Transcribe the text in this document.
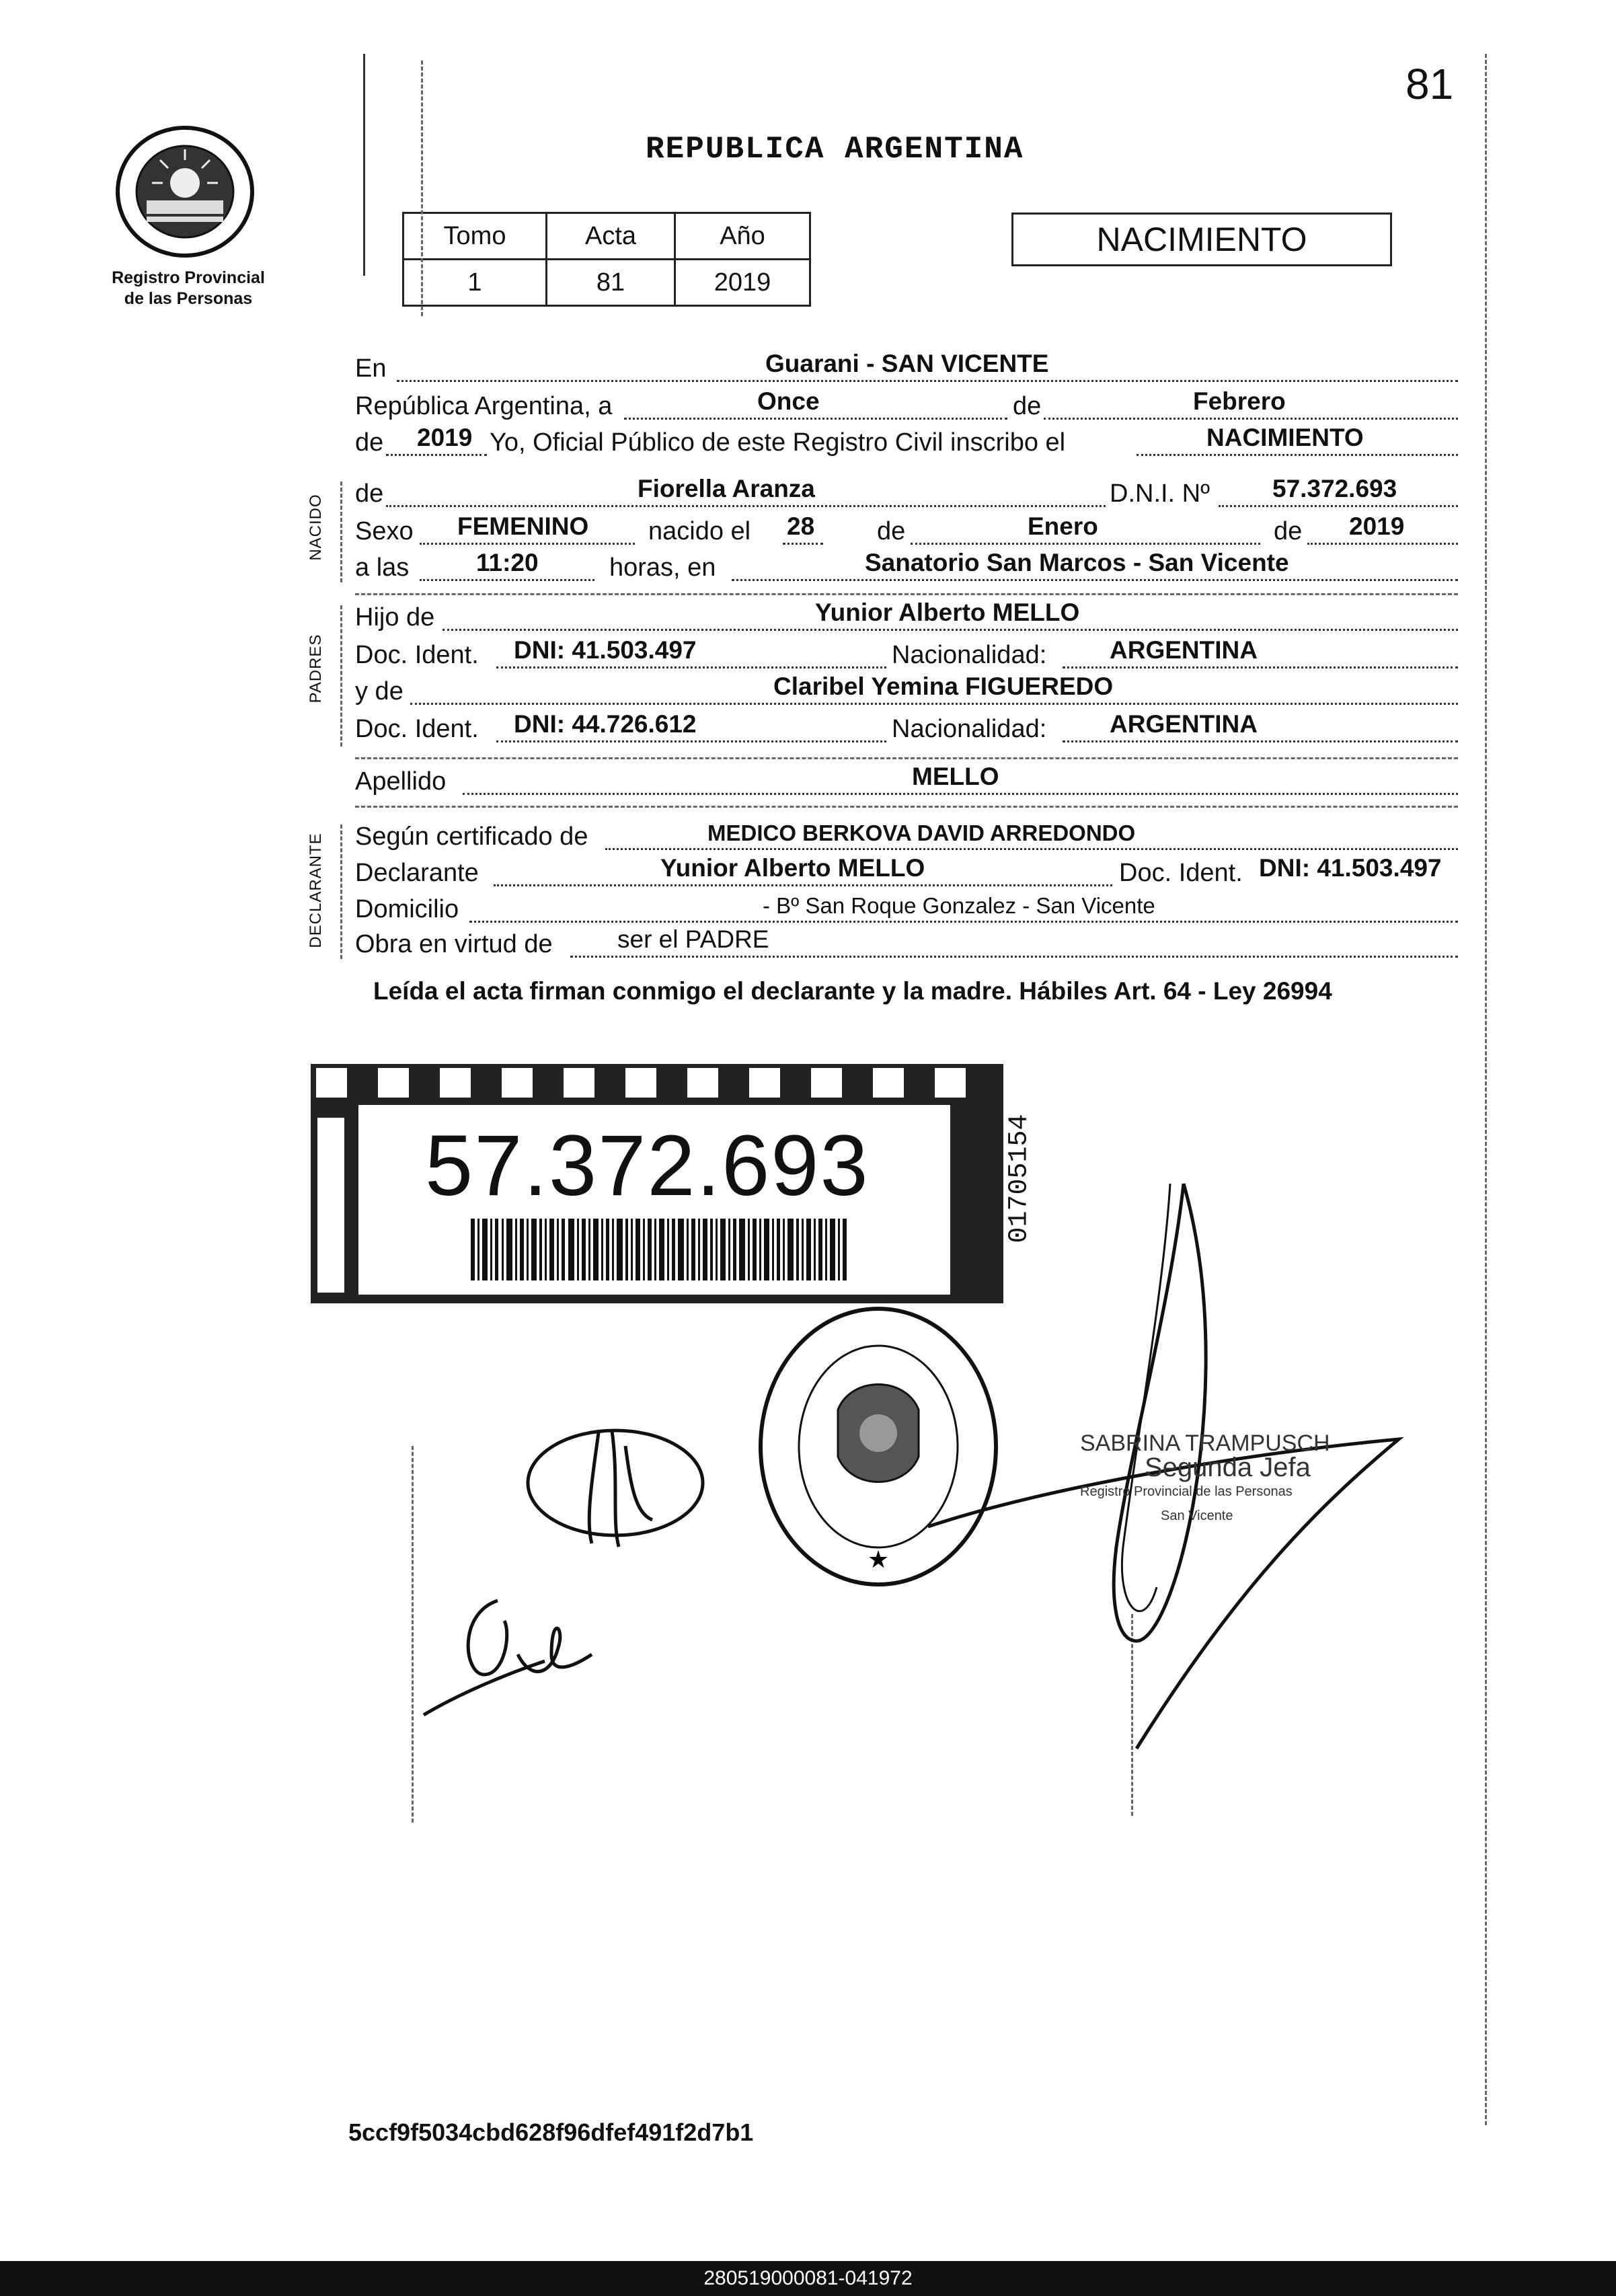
81
Registro Provincial
de las Personas
REPUBLICA ARGENTINA
Tomo	Acta	Año
1	81	2019
NACIMIENTO
En	Guarani - SAN VICENTE
República Argentina, a	Once	de	Febrero
de 2019 Yo, Oficial Público de este Registro Civil inscribo el	NACIMIENTO
de	Fiorella Aranza	D.N.I. Nº	57.372.693
Sexo FEMENINO nacido el 28 de	Enero	de 2019
a las	11:20	horas, en	Sanatorio San Marcos - San Vicente
Hijo de	Yunior Alberto MELLO
Doc. Ident. DNI: 41.503.497	Nacionalidad:	ARGENTINA
y de	Claribel Yemina FIGUEREDO
Doc. Ident. DNI: 44.726.612	Nacionalidad:	ARGENTINA
Apellido	MELLO
Según certificado de	MEDICO BERKOVA DAVID ARREDONDO
Declarante	Yunior Alberto MELLO	Doc. Ident. DNI: 41.503.497
Domicilio	- Bº San Roque Gonzalez - San Vicente
Obra en virtud de	ser el PADRE
NACIDO
PADRES
DECLARANTE
Leída el acta firman conmigo el declarante y la madre. Hábiles Art. 64 - Ley 26994
57.372.693	01705154
★
SABRINA TRAMPUSCH
Segunda Jefa
Registro Provincial de las Personas
San Vicente
5ccf9f5034cbd628f96dfef491f2d7b1
280519000081-041972
